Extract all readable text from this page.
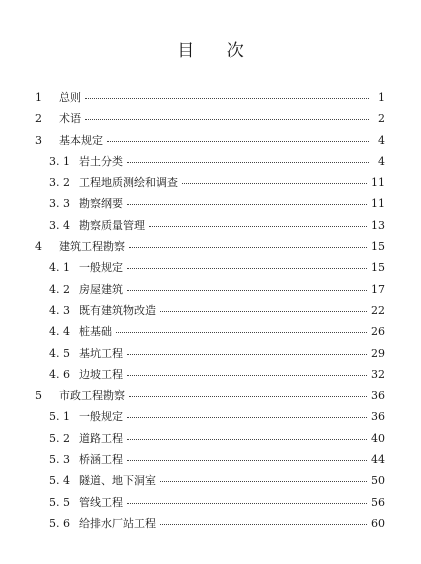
目      次
1 总则	1
2 术语	2
3 基本规定	4
3. 1 岩土分类	4
3. 2 工程地质测绘和调查	11
3. 3 勘察纲要	11
3. 4 勘察质量管理	13
4 建筑工程勘察	15
4. 1 一般规定	15
4. 2 房屋建筑	17
4. 3 既有建筑物改造	22
4. 4 桩基础	26
4. 5 基坑工程	29
4. 6 边坡工程	32
5 市政工程勘察	36
5. 1 一般规定	36
5. 2 道路工程	40
5. 3 桥涵工程	44
5. 4 隧道、地下洞室	50
5. 5 管线工程	56
5. 6 给排水厂站工程	60
